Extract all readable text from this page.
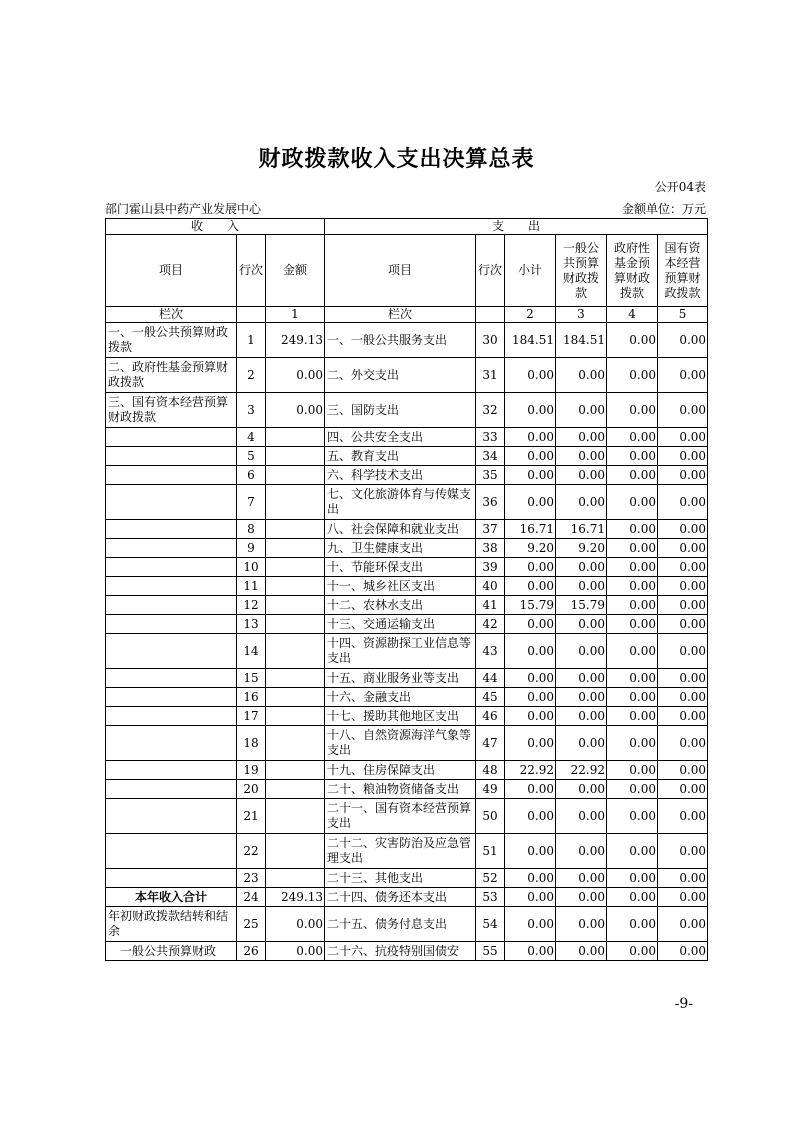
财政拨款收入支出决算总表
公开04表
部门霍山县中药产业发展中心	金额单位：万元
收　　入			支　　出					
项目	行次	金额	项目	行次	小计	一般公共预算财政拨款	政府性基金预算财政拨款	国有资本经营预算财政拨款
栏次		1	栏次		2	3	4	5
一、一般公共预算财政拨款	1	249.13	一、一般公共服务支出	30	184.51	184.51	0.00	0.00
二、政府性基金预算财政拨款	2	0.00	二、外交支出	31	0.00	0.00	0.00	0.00
三、国有资本经营预算财政拨款	3	0.00	三、国防支出	32	0.00	0.00	0.00	0.00
	4		四、公共安全支出	33	0.00	0.00	0.00	0.00
	5		五、教育支出	34	0.00	0.00	0.00	0.00
	6		六、科学技术支出	35	0.00	0.00	0.00	0.00
	7		七、文化旅游体育与传媒支出	36	0.00	0.00	0.00	0.00
	8		八、社会保障和就业支出	37	16.71	16.71	0.00	0.00
	9		九、卫生健康支出	38	9.20	9.20	0.00	0.00
	10		十、节能环保支出	39	0.00	0.00	0.00	0.00
	11		十一、城乡社区支出	40	0.00	0.00	0.00	0.00
	12		十二、农林水支出	41	15.79	15.79	0.00	0.00
	13		十三、交通运输支出	42	0.00	0.00	0.00	0.00
	14		十四、资源勘探工业信息等支出	43	0.00	0.00	0.00	0.00
	15		十五、商业服务业等支出	44	0.00	0.00	0.00	0.00
	16		十六、金融支出	45	0.00	0.00	0.00	0.00
	17		十七、援助其他地区支出	46	0.00	0.00	0.00	0.00
	18		十八、自然资源海洋气象等支出	47	0.00	0.00	0.00	0.00
	19		十九、住房保障支出	48	22.92	22.92	0.00	0.00
	20		二十、粮油物资储备支出	49	0.00	0.00	0.00	0.00
	21		二十一、国有资本经营预算支出	50	0.00	0.00	0.00	0.00
	22		二十二、灾害防治及应急管理支出	51	0.00	0.00	0.00	0.00
	23		二十三、其他支出	52	0.00	0.00	0.00	0.00
本年收入合计	24	249.13	二十四、债务还本支出	53	0.00	0.00	0.00	0.00
年初财政拨款结转和结余	25	0.00	二十五、债务付息支出	54	0.00	0.00	0.00	0.00
一般公共预算财政	26	0.00	二十六、抗疫特别国债安	55	0.00	0.00	0.00	0.00
-9-
